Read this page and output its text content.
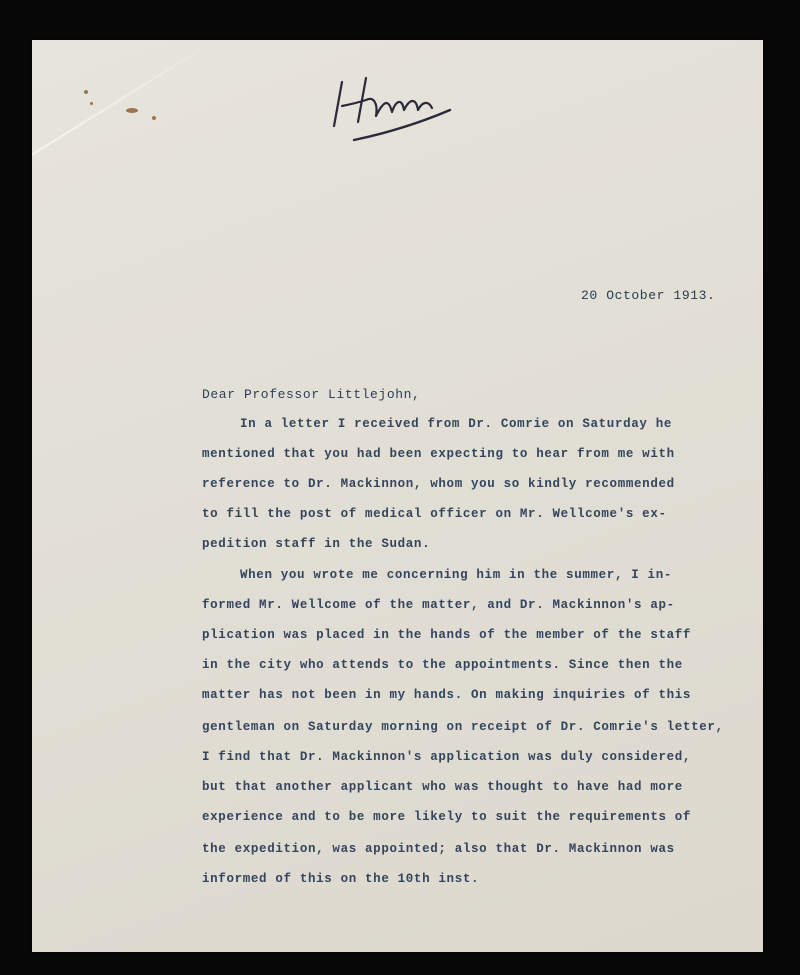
20 October 1913.
Dear Professor Littlejohn,
In a letter I received from Dr. Comrie on Saturday he
mentioned that you had been expecting to hear from me with
reference to Dr. Mackinnon, whom you so kindly recommended
to fill the post of medical officer on Mr. Wellcome's ex-
pedition staff in the Sudan.
When you wrote me concerning him in the summer, I in-
formed Mr. Wellcome of the matter, and Dr. Mackinnon's ap-
plication was placed in the hands of the member of the staff
in the city who attends to the appointments. Since then the
matter has not been in my hands. On making inquiries of this
gentleman on Saturday morning on receipt of Dr. Comrie's letter,
I find that Dr. Mackinnon's application was duly considered,
but that another applicant who was thought to have had more
experience and to be more likely to suit the requirements of
the expedition, was appointed; also that Dr. Mackinnon was
informed of this on the 10th inst.
